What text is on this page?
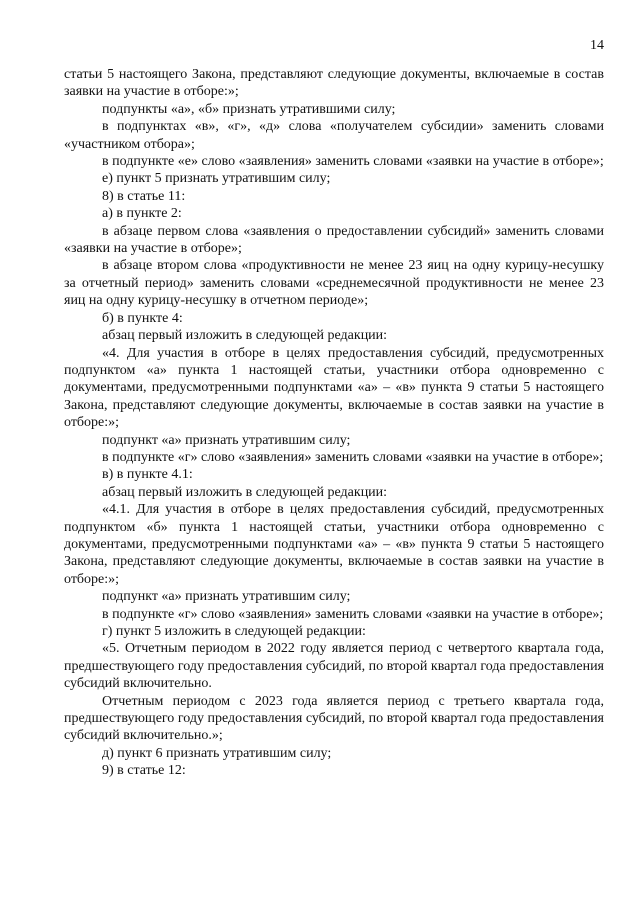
14

статьи 5 настоящего Закона, представляют следующие документы, включаемые в состав заявки на участие в отборе:»;

подпункты «а», «б» признать утратившими силу;

в подпунктах «в», «г», «д» слова «получателем субсидии» заменить словами «участником отбора»;

в подпункте «е» слово «заявления» заменить словами «заявки на участие в отборе»;

е) пункт 5 признать утратившим силу;

8) в статье 11:

а) в пункте 2:

в абзаце первом слова «заявления о предоставлении субсидий» заменить словами «заявки на участие в отборе»;

в абзаце втором слова «продуктивности не менее 23 яиц на одну курицу-несушку за отчетный период» заменить словами «среднемесячной продуктивности не менее 23 яиц на одну курицу-несушку в отчетном периоде»;

б) в пункте 4:

абзац первый изложить в следующей редакции:

«4. Для участия в отборе в целях предоставления субсидий, предусмотренных подпунктом «а» пункта 1 настоящей статьи, участники отбора одновременно с документами, предусмотренными подпунктами «а» – «в» пункта 9 статьи 5 настоящего Закона, представляют следующие документы, включаемые в состав заявки на участие в отборе:»;

подпункт «а» признать утратившим силу;

в подпункте «г» слово «заявления» заменить словами «заявки на участие в отборе»;

в) в пункте 4.1:

абзац первый изложить в следующей редакции:

«4.1. Для участия в отборе в целях предоставления субсидий, предусмотренных подпунктом «б» пункта 1 настоящей статьи, участники отбора одновременно с документами, предусмотренными подпунктами «а» – «в» пункта 9 статьи 5 настоящего Закона, представляют следующие документы, включаемые в состав заявки на участие в отборе:»;

подпункт «а» признать утратившим силу;

в подпункте «г» слово «заявления» заменить словами «заявки на участие в отборе»;

г) пункт 5 изложить в следующей редакции:

«5. Отчетным периодом в 2022 году является период с четвертого квартала года, предшествующего году предоставления субсидий, по второй квартал года предоставления субсидий включительно.

Отчетным периодом с 2023 года является период с третьего квартала года, предшествующего году предоставления субсидий, по второй квартал года предоставления субсидий включительно.»;

д) пункт 6 признать утратившим силу;

9) в статье 12:
